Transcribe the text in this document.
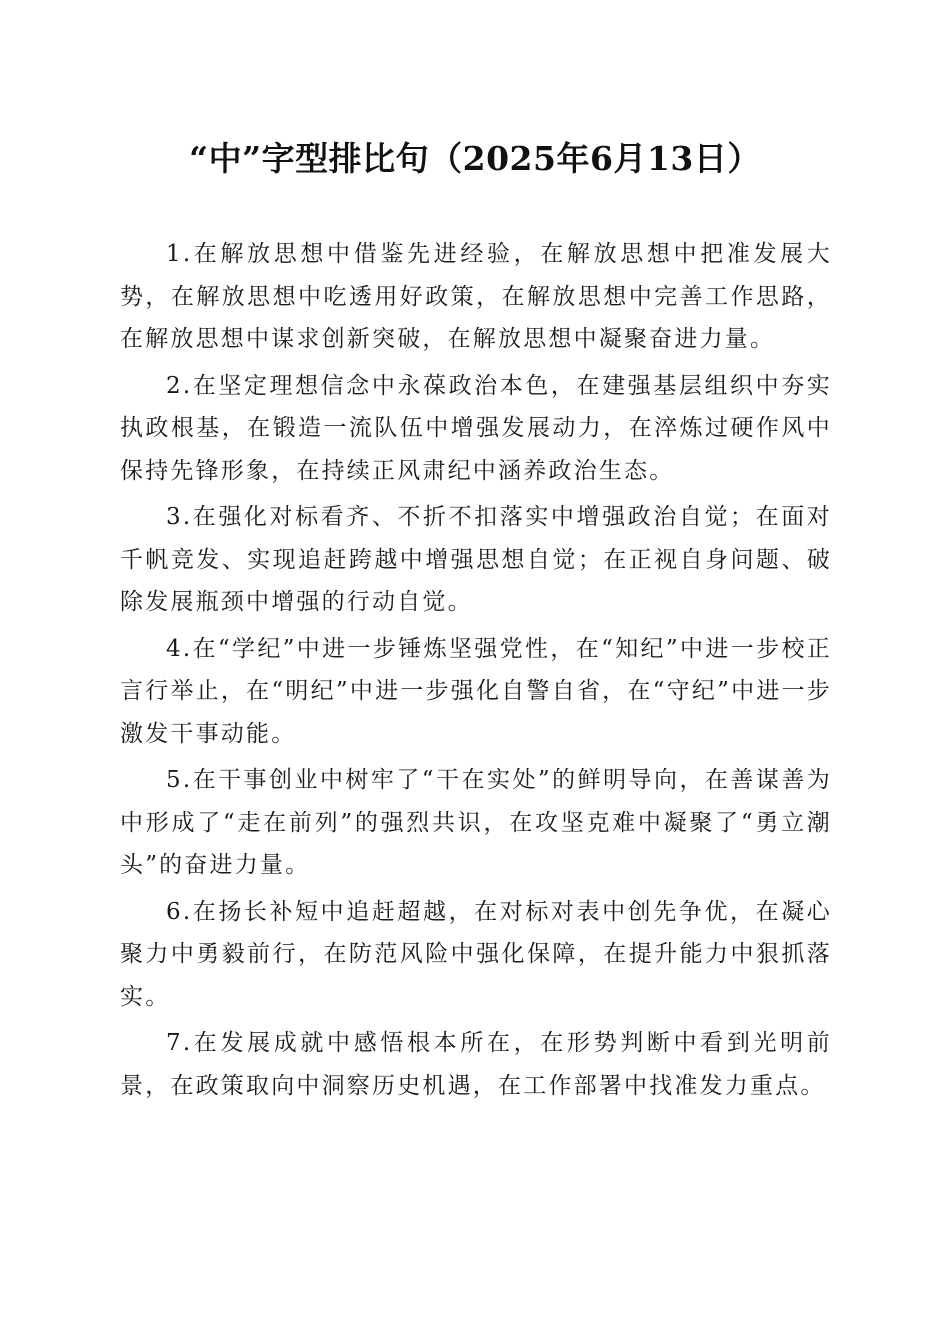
“中”字型排比句（2025年6月13日）

1.在解放思想中借鉴先进经验，在解放思想中把准发展大势，在解放思想中吃透用好政策，在解放思想中完善工作思路，在解放思想中谋求创新突破，在解放思想中凝聚奋进力量。

2.在坚定理想信念中永葆政治本色，在建强基层组织中夯实执政根基，在锻造一流队伍中增强发展动力，在淬炼过硬作风中保持先锋形象，在持续正风肃纪中涵养政治生态。

3.在强化对标看齐、不折不扣落实中增强政治自觉；在面对千帆竞发、实现追赶跨越中增强思想自觉；在正视自身问题、破除发展瓶颈中增强的行动自觉。

4.在“学纪”中进一步锤炼坚强党性，在“知纪”中进一步校正言行举止，在“明纪”中进一步强化自警自省，在“守纪”中进一步激发干事动能。

5.在干事创业中树牢了“干在实处”的鲜明导向，在善谋善为中形成了“走在前列”的强烈共识，在攻坚克难中凝聚了“勇立潮头”的奋进力量。

6.在扬长补短中追赶超越，在对标对表中创先争优，在凝心聚力中勇毅前行，在防范风险中强化保障，在提升能力中狠抓落实。

7.在发展成就中感悟根本所在，在形势判断中看到光明前景，在政策取向中洞察历史机遇，在工作部署中找准发力重点。
